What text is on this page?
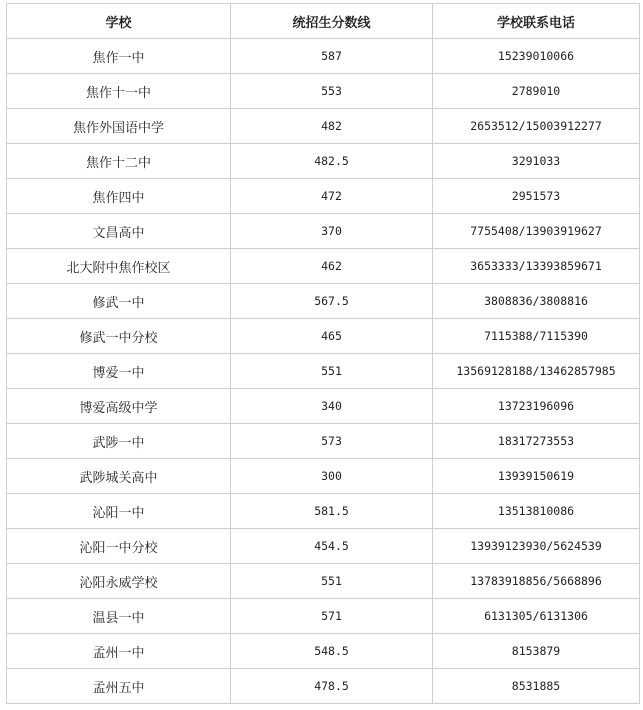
学校	统招生分数线	学校联系电话
焦作一中	587	15239010066
焦作十一中	553	2789010
焦作外国语中学	482	2653512/15003912277
焦作十二中	482.5	3291033
焦作四中	472	2951573
文昌高中	370	7755408/13903919627
北大附中焦作校区	462	3653333/13393859671
修武一中	567.5	3808836/3808816
修武一中分校	465	7115388/7115390
博爱一中	551	13569128188/13462857985
博爱高级中学	340	13723196096
武陟一中	573	18317273553
武陟城关高中	300	13939150619
沁阳一中	581.5	13513810086
沁阳一中分校	454.5	13939123930/5624539
沁阳永威学校	551	13783918856/5668896
温县一中	571	6131305/6131306
孟州一中	548.5	8153879
孟州五中	478.5	8531885
